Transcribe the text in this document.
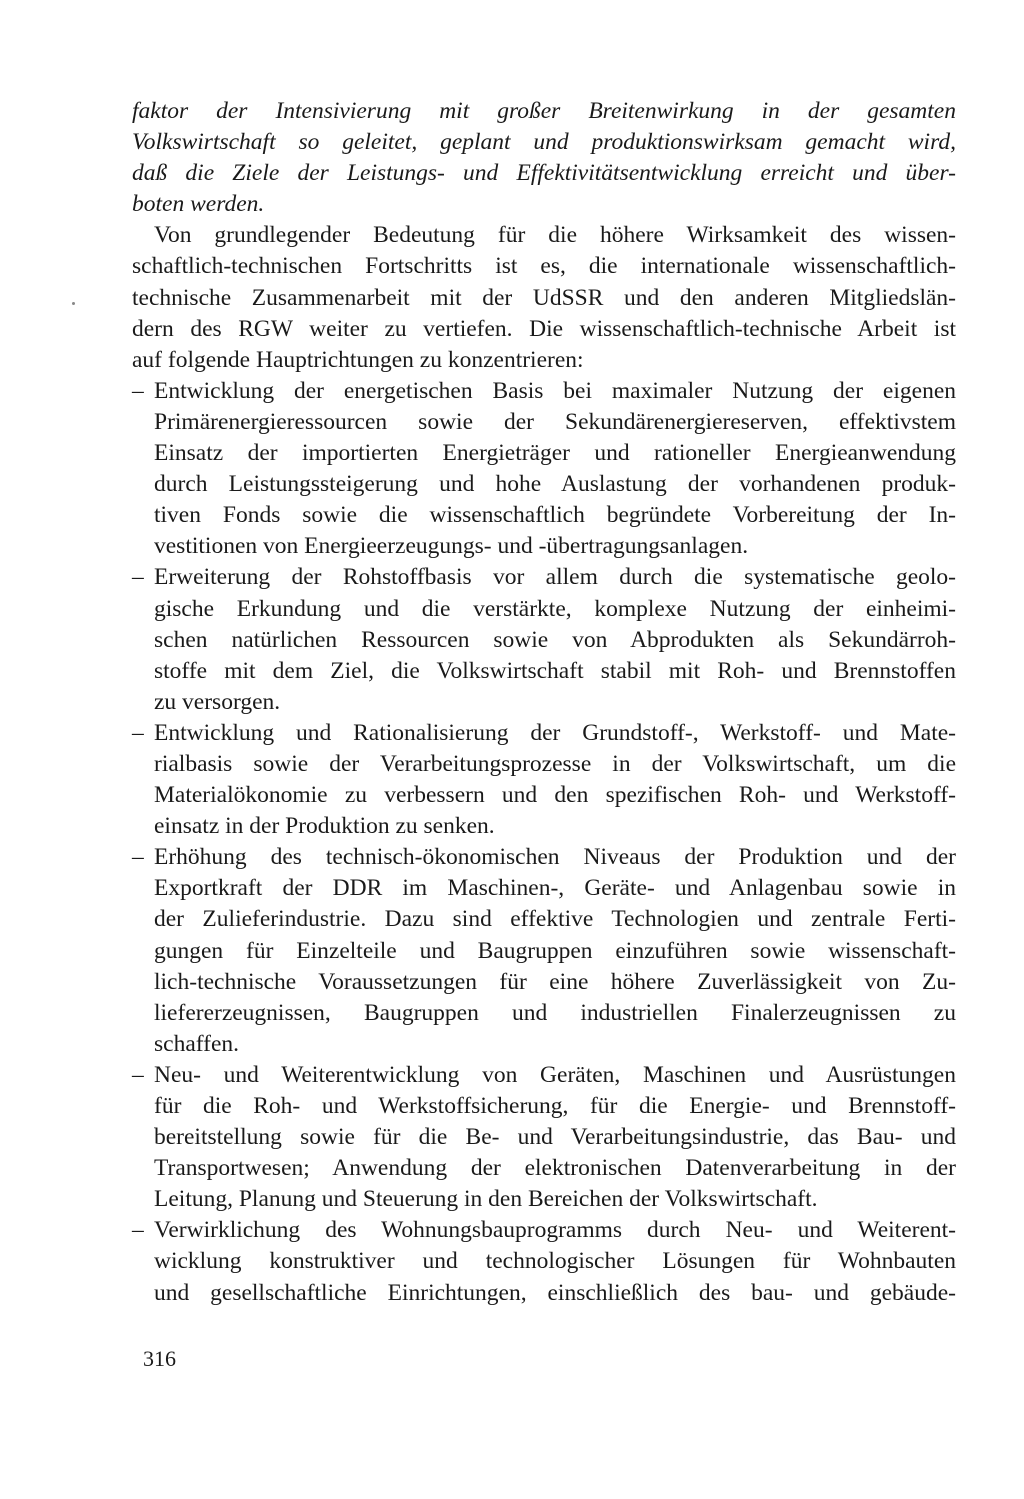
faktor der Intensivierung mit großer Breitenwirkung in der gesamten
Volkswirtschaft so geleitet, geplant und produktionswirksam gemacht wird,
daß die Ziele der Leistungs- und Effektivitätsentwicklung erreicht und über-
boten werden.
Von grundlegender Bedeutung für die höhere Wirksamkeit des wissen-
schaftlich-technischen Fortschritts ist es, die internationale wissenschaftlich-
technische Zusammenarbeit mit der UdSSR und den anderen Mitgliedslän-
dern des RGW weiter zu vertiefen. Die wissenschaftlich-technische Arbeit ist
auf folgende Hauptrichtungen zu konzentrieren:
– Entwicklung der energetischen Basis bei maximaler Nutzung der eigenen
Primärenergieressourcen sowie der Sekundärenergiereserven, effektivstem
Einsatz der importierten Energieträger und rationeller Energieanwendung
durch Leistungssteigerung und hohe Auslastung der vorhandenen produk-
tiven Fonds sowie die wissenschaftlich begründete Vorbereitung der In-
vestitionen von Energieerzeugungs- und -übertragungsanlagen.
– Erweiterung der Rohstoffbasis vor allem durch die systematische geolo-
gische Erkundung und die verstärkte, komplexe Nutzung der einheimi-
schen natürlichen Ressourcen sowie von Abprodukten als Sekundärroh-
stoffe mit dem Ziel, die Volkswirtschaft stabil mit Roh- und Brennstoffen
zu versorgen.
– Entwicklung und Rationalisierung der Grundstoff-, Werkstoff- und Mate-
rialbasis sowie der Verarbeitungsprozesse in der Volkswirtschaft, um die
Materialökonomie zu verbessern und den spezifischen Roh- und Werkstoff-
einsatz in der Produktion zu senken.
– Erhöhung des technisch-ökonomischen Niveaus der Produktion und der
Exportkraft der DDR im Maschinen-, Geräte- und Anlagenbau sowie in
der Zulieferindustrie. Dazu sind effektive Technologien und zentrale Ferti-
gungen für Einzelteile und Baugruppen einzuführen sowie wissenschaft-
lich-technische Voraussetzungen für eine höhere Zuverlässigkeit von Zu-
liefererzeugnissen, Baugruppen und industriellen Finalerzeugnissen zu
schaffen.
– Neu- und Weiterentwicklung von Geräten, Maschinen und Ausrüstungen
für die Roh- und Werkstoffsicherung, für die Energie- und Brennstoff-
bereitstellung sowie für die Be- und Verarbeitungsindustrie, das Bau- und
Transportwesen; Anwendung der elektronischen Datenverarbeitung in der
Leitung, Planung und Steuerung in den Bereichen der Volkswirtschaft.
– Verwirklichung des Wohnungsbauprogramms durch Neu- und Weiterent-
wicklung konstruktiver und technologischer Lösungen für Wohnbauten
und gesellschaftliche Einrichtungen, einschließlich des bau- und gebäude-
316
